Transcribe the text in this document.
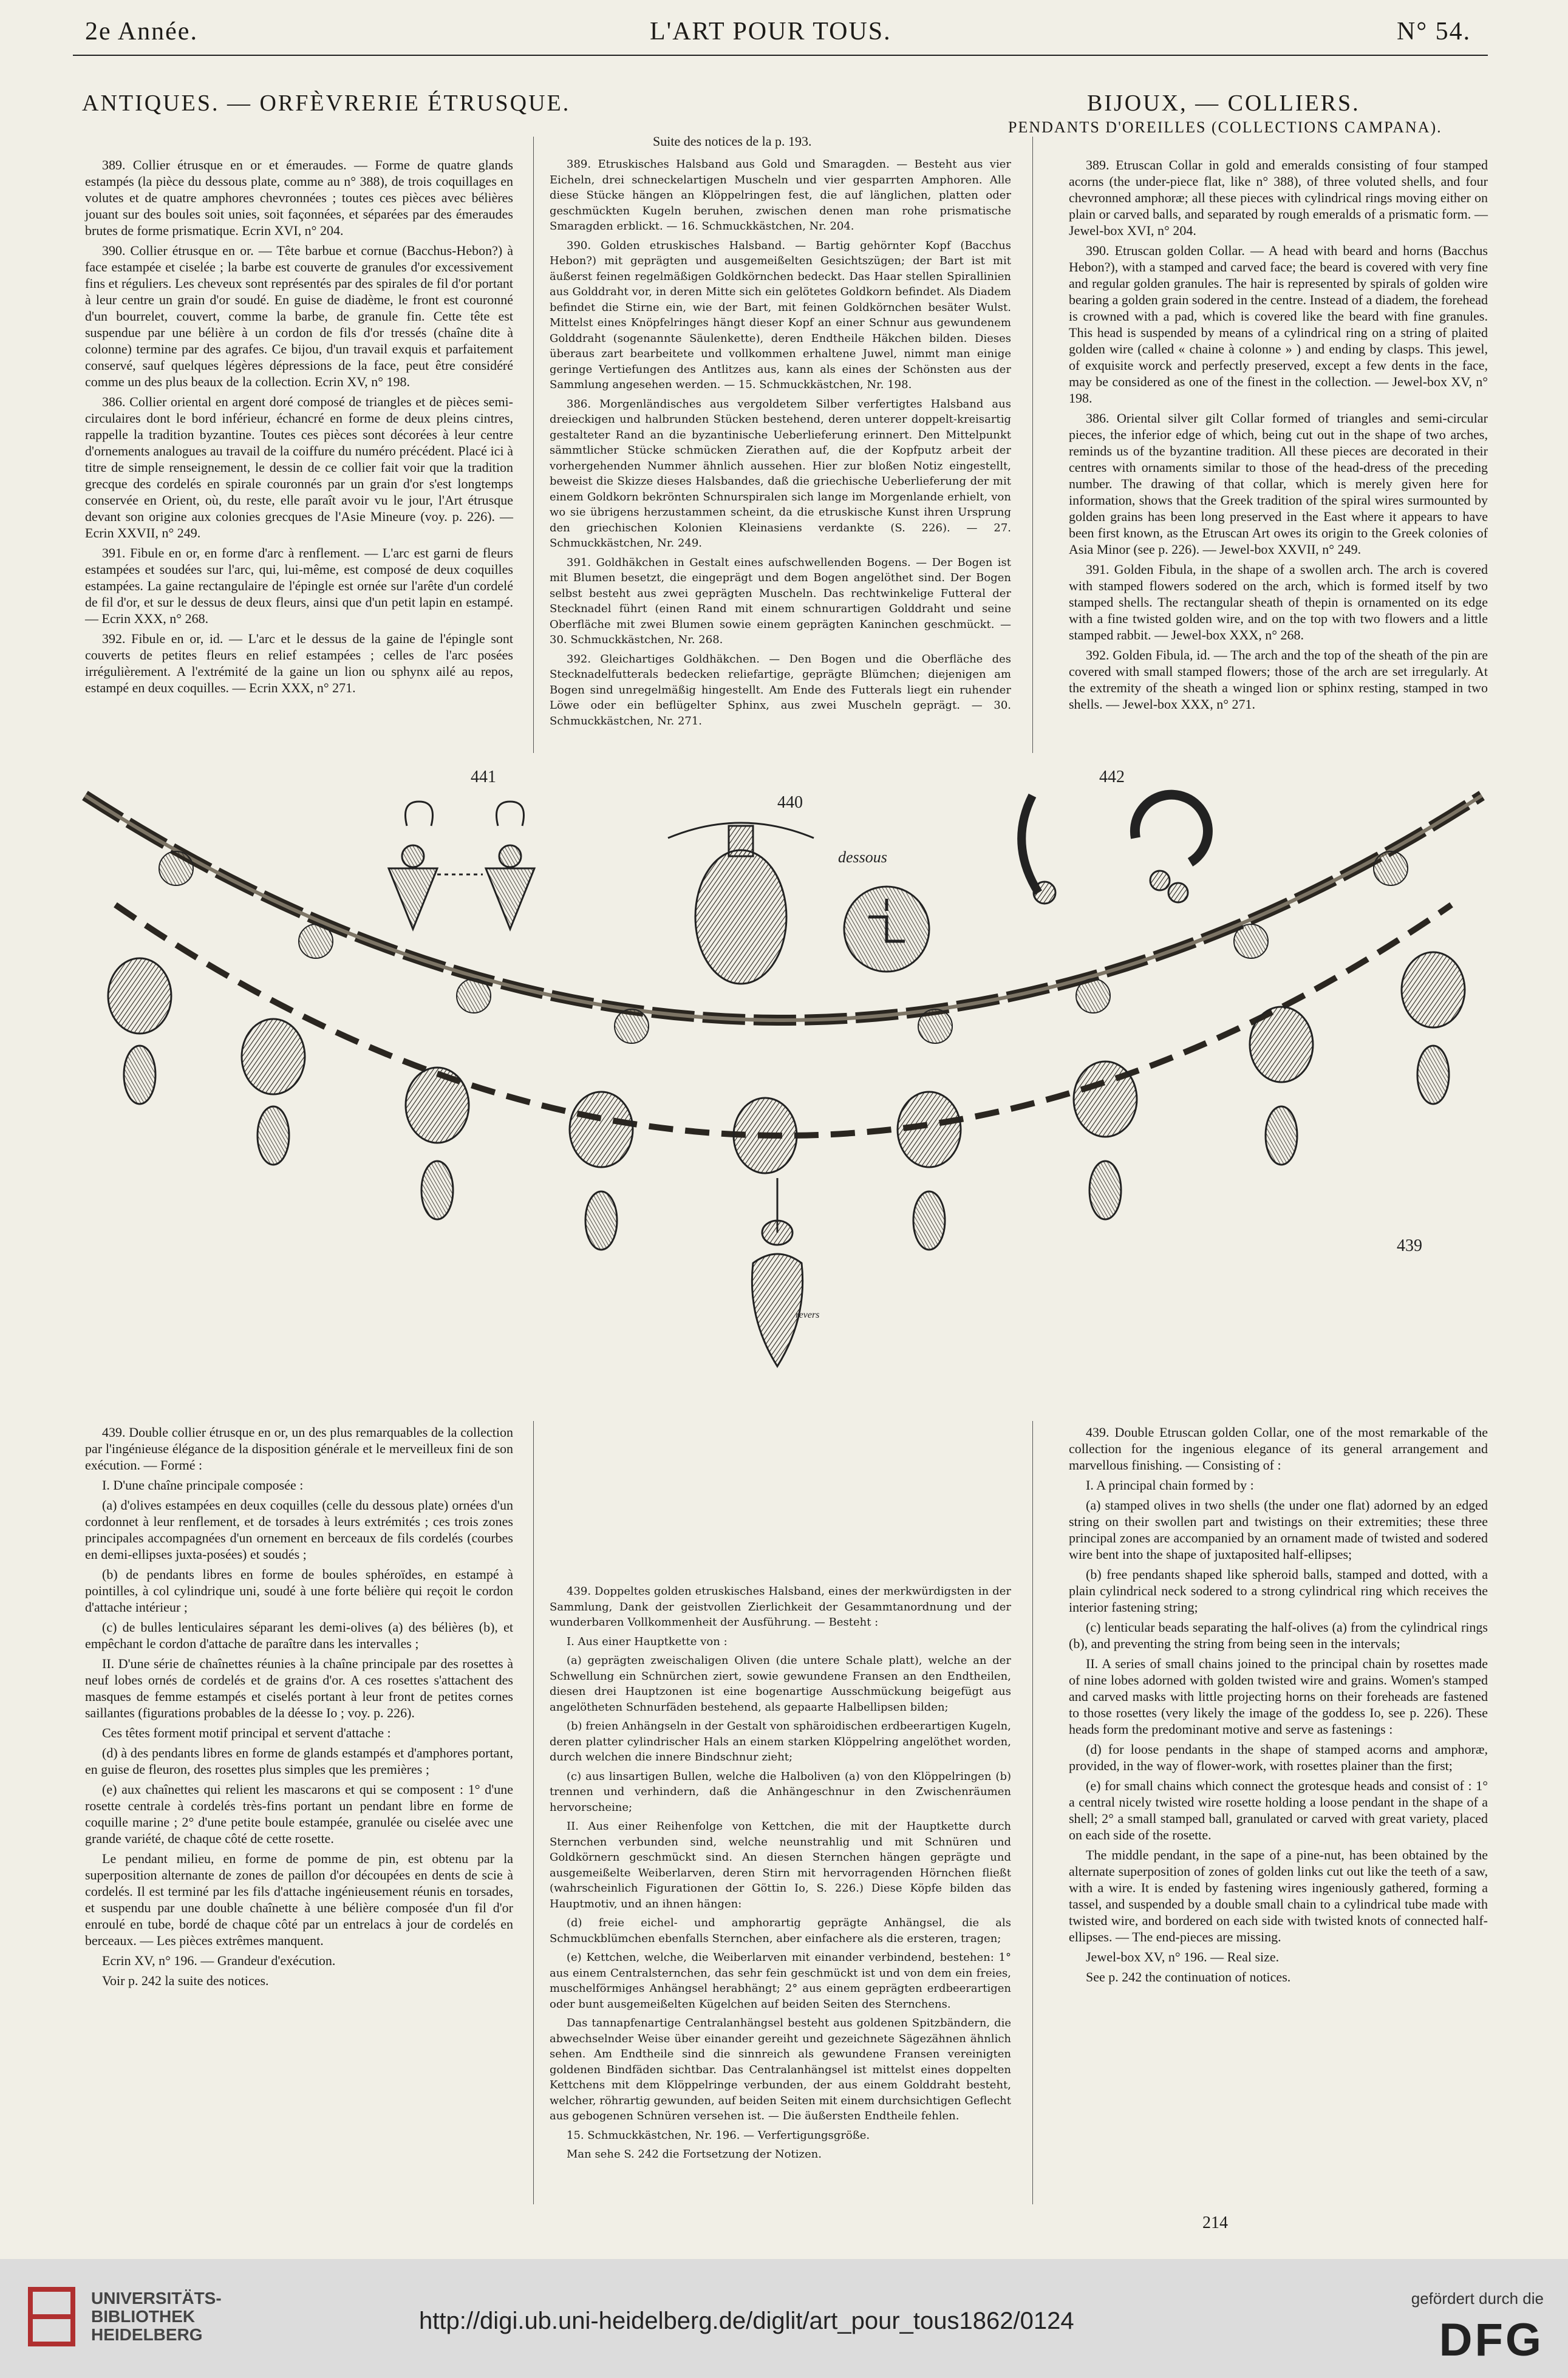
2e Année.	L'ART POUR TOUS.	N° 54.
ANTIQUES. — ORFÈVRERIE ÉTRUSQUE.	BIJOUX, — COLLIERS.
PENDANTS D'OREILLES (COLLECTIONS CAMPANA).
Suite des notices de la p. 193.

389. Collier étrusque en or et émeraudes. — Forme de quatre glands estampés (la pièce du dessous plate, comme au n° 388), de trois coquillages en volutes et de quatre amphores chevronnées ; toutes ces pièces avec bélières jouant sur des boules soit unies, soit façonnées, et séparées par des émeraudes brutes de forme prismatique. Ecrin XVI, n° 204.

390. Collier étrusque en or. — Tête barbue et cornue (Bacchus-Hebon?) à face estampée et ciselée ; la barbe est couverte de granules d'or excessivement fins et réguliers. Les cheveux sont représentés par des spirales de fil d'or portant à leur centre un grain d'or soudé. En guise de diadème, le front est couronné d'un bourrelet, couvert, comme la barbe, de granule fin. Cette tête est suspendue par une bélière à un cordon de fils d'or tressés (chaîne dite à colonne) termine par des agrafes. Ce bijou, d'un travail exquis et parfaitement conservé, sauf quelques légères dépressions de la face, peut être considéré comme un des plus beaux de la collection. Ecrin XV, n° 198.

386. Collier oriental en argent doré composé de triangles et de pièces semi-circulaires dont le bord inférieur, échancré en forme de deux pleins cintres, rappelle la tradition byzantine. Toutes ces pièces sont décorées à leur centre d'ornements analogues au travail de la coiffure du numéro précédent. Placé ici à titre de simple renseignement, le dessin de ce collier fait voir que la tradition grecque des cordelés en spirale couronnés par un grain d'or s'est longtemps conservée en Orient, où, du reste, elle paraît avoir vu le jour, l'Art étrusque devant son origine aux colonies grecques de l'Asie Mineure (voy. p. 226). — Ecrin XXVII, n° 249.

391. Fibule en or, en forme d'arc à renflement. — L'arc est garni de fleurs estampées et soudées sur l'arc, qui, lui-même, est composé de deux coquilles estampées. La gaine rectangulaire de l'épingle est ornée sur l'arête d'un cordelé de fil d'or, et sur le dessus de deux fleurs, ainsi que d'un petit lapin en estampé. — Ecrin XXX, n° 268.

392. Fibule en or, id. — L'arc et le dessus de la gaine de l'épingle sont couverts de petites fleurs en relief estampées ; celles de l'arc posées irrégulièrement. A l'extrémité de la gaine un lion ou sphynx ailé au repos, estampé en deux coquilles. — Ecrin XXX, n° 271.

389. Etruskisches Halsband aus Gold und Smaragden. — Besteht aus vier Eicheln, drei schneckelartigen Muscheln und vier gesparrten Amphoren. Alle diese Stücke hängen an Klöppelringen fest, die auf länglichen, platten oder geschmückten Kugeln beruhen, zwischen denen man rohe prismatische Smaragden erblickt. — 16. Schmuckkästchen, Nr. 204.

390. Golden etruskisches Halsband. — Bartig gehörnter Kopf (Bacchus Hebon?) mit geprägten und ausgemeißelten Gesichtszügen; der Bart ist mit äußerst feinen regelmäßigen Goldkörnchen bedeckt. Das Haar stellen Spirallinien aus Golddraht vor, in deren Mitte sich ein gelötetes Goldkorn befindet. Als Diadem befindet die Stirne ein, wie der Bart, mit feinen Goldkörnchen besäter Wulst. Mittelst eines Knöpfelringes hängt dieser Kopf an einer Schnur aus gewundenem Golddraht (sogenannte Säulenkette), deren Endtheile Häkchen bilden. Dieses überaus zart bearbeitete und vollkommen erhaltene Juwel, nimmt man einige geringe Vertiefungen des Antlitzes aus, kann als eines der Schönsten aus der Sammlung angesehen werden. — 15. Schmuckkästchen, Nr. 198.

386. Morgenländisches aus vergoldetem Silber verfertigtes Halsband aus dreieckigen und halbrunden Stücken bestehend, deren unterer doppelt-kreisartig gestalteter Rand an die byzantinische Ueberlieferung erinnert. Den Mittelpunkt sämmtlicher Stücke schmücken Zierathen auf, die der Kopfputz arbeit der vorhergehenden Nummer ähnlich aussehen. Hier zur bloßen Notiz eingestellt, beweist die Skizze dieses Halsbandes, daß die griechische Ueberlieferung der mit einem Goldkorn bekrönten Schnurspiralen sich lange im Morgenlande erhielt, von wo sie übrigens herzustammen scheint, da die etruskische Kunst ihren Ursprung den griechischen Kolonien Kleinasiens verdankte (S. 226). — 27. Schmuckkästchen, Nr. 249.

391. Goldhäkchen in Gestalt eines aufschwellenden Bogens. — Der Bogen ist mit Blumen besetzt, die eingeprägt und dem Bogen angelöthet sind. Der Bogen selbst besteht aus zwei geprägten Muscheln. Das rechtwinkelige Futteral der Stecknadel führt (einen Rand mit einem schnurartigen Golddraht und seine Oberfläche mit zwei Blumen sowie einem geprägten Kaninchen geschmückt. — 30. Schmuckkästchen, Nr. 268.

392. Gleichartiges Goldhäkchen. — Den Bogen und die Oberfläche des Stecknadelfutterals bedecken reliefartige, geprägte Blümchen; diejenigen am Bogen sind unregelmäßig hingestellt. Am Ende des Futterals liegt ein ruhender Löwe oder ein beflügelter Sphinx, aus zwei Muscheln geprägt. — 30. Schmuckkästchen, Nr. 271.

389. Etruscan Collar in gold and emeralds consisting of four stamped acorns (the under-piece flat, like n° 388), of three voluted shells, and four chevronned amphoræ; all these pieces with cylindrical rings moving either on plain or carved balls, and separated by rough emeralds of a prismatic form. — Jewel-box XVI, n° 204.

390. Etruscan golden Collar. — A head with beard and horns (Bacchus Hebon?), with a stamped and carved face; the beard is covered with very fine and regular golden granules. The hair is represented by spirals of golden wire bearing a golden grain sodered in the centre. Instead of a diadem, the forehead is crowned with a pad, which is covered like the beard with fine granules. This head is suspended by means of a cylindrical ring on a string of plaited golden wire (called « chaine à colonne » ) and ending by clasps. This jewel, of exquisite worck and perfectly preserved, except a few dents in the face, may be considered as one of the finest in the collection. — Jewel-box XV, n° 198.

386. Oriental silver gilt Collar formed of triangles and semi-circular pieces, the inferior edge of which, being cut out in the shape of two arches, reminds us of the byzantine tradition. All these pieces are decorated in their centres with ornaments similar to those of the head-dress of the preceding number. The drawing of that collar, which is merely given here for information, shows that the Greek tradition of the spiral wires surmounted by golden grains has been long preserved in the East where it appears to have been first known, as the Etruscan Art owes its origin to the Greek colonies of Asia Minor (see p. 226). — Jewel-box XXVII, n° 249.

391. Golden Fibula, in the shape of a swollen arch. The arch is covered with stamped flowers sodered on the arch, which is formed itself by two stamped shells. The rectangular sheath of thepin is ornamented on its edge with a fine twisted golden wire, and on the top with two flowers and a little stamped rabbit. — Jewel-box XXX, n° 268.

392. Golden Fibula, id. — The arch and the top of the sheath of the pin are covered with small stamped flowers; those of the arch are set irregularly. At the extremity of the sheath a winged lion or sphinx resting, stamped in two shells. — Jewel-box XXX, n° 271.

441
440
442
439
dessous
revers

439. Double collier étrusque en or, un des plus remarquables de la collection par l'ingénieuse élégance de la disposition générale et le merveilleux fini de son exécution. — Formé :

I. D'une chaîne principale composée :

(a) d'olives estampées en deux coquilles (celle du dessous plate) ornées d'un cordonnet à leur renflement, et de torsades à leurs extrémités ; ces trois zones principales accompagnées d'un ornement en berceaux de fils cordelés (courbes en demi-ellipses juxta-posées) et soudés ;

(b) de pendants libres en forme de boules sphéroïdes, en estampé à pointilles, à col cylindrique uni, soudé à une forte bélière qui reçoit le cordon d'attache intérieur ;

(c) de bulles lenticulaires séparant les demi-olives (a) des bélières (b), et empêchant le cordon d'attache de paraître dans les intervalles ;

II. D'une série de chaînettes réunies à la chaîne principale par des rosettes à neuf lobes ornés de cordelés et de grains d'or. A ces rosettes s'attachent des masques de femme estampés et ciselés portant à leur front de petites cornes saillantes (figurations probables de la déesse Io ; voy. p. 226).

Ces têtes forment motif principal et servent d'attache :

(d) à des pendants libres en forme de glands estampés et d'amphores portant, en guise de fleuron, des rosettes plus simples que les premières ;

(e) aux chaînettes qui relient les mascarons et qui se composent : 1° d'une rosette centrale à cordelés très-fins portant un pendant libre en forme de coquille marine ; 2° d'une petite boule estampée, granulée ou ciselée avec une grande variété, de chaque côté de cette rosette.

Le pendant milieu, en forme de pomme de pin, est obtenu par la superposition alternante de zones de paillon d'or découpées en dents de scie à cordelés. Il est terminé par les fils d'attache ingénieusement réunis en torsades, et suspendu par une double chaînette à une bélière composée d'un fil d'or enroulé en tube, bordé de chaque côté par un entrelacs à jour de cordelés en berceaux. — Les pièces extrêmes manquent.

Ecrin XV, n° 196. — Grandeur d'exécution.

Voir p. 242 la suite des notices.

439. Doppeltes golden etruskisches Halsband, eines der merkwürdigsten in der Sammlung, Dank der geistvollen Zierlichkeit der Gesammtanordnung und der wunderbaren Vollkommenheit der Ausführung. — Besteht :

I. Aus einer Hauptkette von :

(a) geprägten zweischaligen Oliven (die untere Schale platt), welche an der Schwellung ein Schnürchen ziert, sowie gewundene Fransen an den Endtheilen, diesen drei Hauptzonen ist eine bogenartige Ausschmückung beigefügt aus angelötheten Schnurfäden bestehend, als gepaarte Halbellipsen bilden;

(b) freien Anhängseln in der Gestalt von sphäroidischen erdbeerartigen Kugeln, deren platter cylindrischer Hals an einem starken Klöppelring angelöthet worden, durch welchen die innere Bindschnur zieht;

(c) aus linsartigen Bullen, welche die Halboliven (a) von den Klöppelringen (b) trennen und verhindern, daß die Anhängeschnur in den Zwischenräumen hervorscheine;

II. Aus einer Reihenfolge von Kettchen, die mit der Hauptkette durch Sternchen verbunden sind, welche neunstrahlig und mit Schnüren und Goldkörnern geschmückt sind. An diesen Sternchen hängen geprägte und ausgemeißelte Weiberlarven, deren Stirn mit hervorragenden Hörnchen fließt (wahrscheinlich Figurationen der Göttin Io, S. 226.) Diese Köpfe bilden das Hauptmotiv, und an ihnen hängen:

(d) freie eichel- und amphorartig geprägte Anhängsel, die als Schmuckblümchen ebenfalls Sternchen, aber einfachere als die ersteren, tragen;

(e) Kettchen, welche, die Weiberlarven mit einander verbindend, bestehen: 1° aus einem Centralsternchen, das sehr fein geschmückt ist und von dem ein freies, muschelförmiges Anhängsel herabhängt; 2° aus einem geprägten erdbeerartigen oder bunt ausgemeißelten Kügelchen auf beiden Seiten des Sternchens.

Das tannapfenartige Centralanhängsel besteht aus goldenen Spitzbändern, die abwechselnder Weise über einander gereiht und gezeichnete Sägezähnen ähnlich sehen. Am Endtheile sind die sinnreich als gewundene Fransen vereinigten goldenen Bindfäden sichtbar. Das Centralanhängsel ist mittelst eines doppelten Kettchens mit dem Klöppelringe verbunden, der aus einem Golddraht besteht, welcher, röhrartig gewunden, auf beiden Seiten mit einem durchsichtigen Geflecht aus gebogenen Schnüren versehen ist. — Die äußersten Endtheile fehlen.

15. Schmuckkästchen, Nr. 196. — Verfertigungsgröße.

Man sehe S. 242 die Fortsetzung der Notizen.

439. Double Etruscan golden Collar, one of the most remarkable of the collection for the ingenious elegance of its general arrangement and marvellous finishing. — Consisting of :

I. A principal chain formed by :

(a) stamped olives in two shells (the under one flat) adorned by an edged string on their swollen part and twistings on their extremities; these three principal zones are accompanied by an ornament made of twisted and sodered wire bent into the shape of juxtaposited half-ellipses;

(b) free pendants shaped like spheroid balls, stamped and dotted, with a plain cylindrical neck sodered to a strong cylindrical ring which receives the interior fastening string;

(c) lenticular beads separating the half-olives (a) from the cylindrical rings (b), and preventing the string from being seen in the intervals;

II. A series of small chains joined to the principal chain by rosettes made of nine lobes adorned with golden twisted wire and grains. Women's stamped and carved masks with little projecting horns on their foreheads are fastened to those rosettes (very likely the image of the goddess Io, see p. 226). These heads form the predominant motive and serve as fastenings :

(d) for loose pendants in the shape of stamped acorns and amphoræ, provided, in the way of flower-work, with rosettes plainer than the first;

(e) for small chains which connect the grotesque heads and consist of : 1° a central nicely twisted wire rosette holding a loose pendant in the shape of a shell; 2° a small stamped ball, granulated or carved with great variety, placed on each side of the rosette.

The middle pendant, in the sape of a pine-nut, has been obtained by the alternate superposition of zones of golden links cut out like the teeth of a saw, with a wire. It is ended by fastening wires ingeniously gathered, forming a tassel, and suspended by a double small chain to a cylindrical tube made with twisted wire, and bordered on each side with twisted knots of connected half-ellipses. — The end-pieces are missing.

Jewel-box XV, n° 196. — Real size.

See p. 242 the continuation of notices.

214
UNIVERSITÄTS-
BIBLIOTHEK
HEIDELBERG
http://digi.ub.uni-heidelberg.de/diglit/art_pour_tous1862/0124
gefördert durch die
DFG
